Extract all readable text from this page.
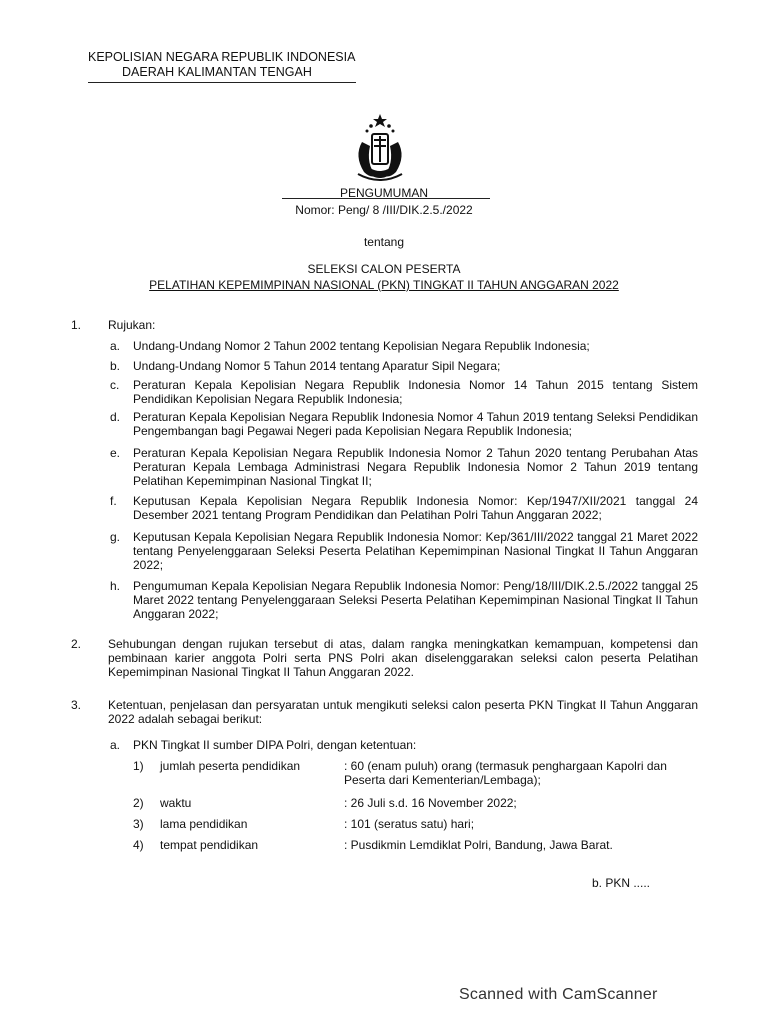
KEPOLISIAN NEGARA REPUBLIK INDONESIA
DAERAH KALIMANTAN TENGAH
PENGUMUMAN
Nomor: Peng/ 8 /III/DIK.2.5./2022
tentang
SELEKSI CALON PESERTA
PELATIHAN KEPEMIMPINAN NASIONAL (PKN) TINGKAT II TAHUN ANGGARAN 2022
1. Rujukan:
a. Undang-Undang Nomor 2 Tahun 2002 tentang Kepolisian Negara Republik Indonesia;
b. Undang-Undang Nomor 5 Tahun 2014 tentang Aparatur Sipil Negara;
c. Peraturan Kepala Kepolisian Negara Republik Indonesia Nomor 14 Tahun 2015 tentang Sistem Pendidikan Kepolisian Negara Republik Indonesia;
d. Peraturan Kepala Kepolisian Negara Republik Indonesia Nomor 4 Tahun 2019 tentang Seleksi Pendidikan Pengembangan bagi Pegawai Negeri pada Kepolisian Negara Republik Indonesia;
e. Peraturan Kepala Kepolisian Negara Republik Indonesia Nomor 2 Tahun 2020 tentang Perubahan Atas Peraturan Kepala Lembaga Administrasi Negara Republik Indonesia Nomor 2 Tahun 2019 tentang Pelatihan Kepemimpinan Nasional Tingkat II;
f. Keputusan Kepala Kepolisian Negara Republik Indonesia Nomor: Kep/1947/XII/2021 tanggal 24 Desember 2021 tentang Program Pendidikan dan Pelatihan Polri Tahun Anggaran 2022;
g. Keputusan Kepala Kepolisian Negara Republik Indonesia Nomor: Kep/361/III/2022 tanggal 21 Maret 2022 tentang Penyelenggaraan Seleksi Peserta Pelatihan Kepemimpinan Nasional Tingkat II Tahun Anggaran 2022;
h. Pengumuman Kepala Kepolisian Negara Republik Indonesia Nomor: Peng/18/III/DIK.2.5./2022 tanggal 25 Maret 2022 tentang Penyelenggaraan Seleksi Peserta Pelatihan Kepemimpinan Nasional Tingkat II Tahun Anggaran 2022;
2. Sehubungan dengan rujukan tersebut di atas, dalam rangka meningkatkan kemampuan, kompetensi dan pembinaan karier anggota Polri serta PNS Polri akan diselenggarakan seleksi calon peserta Pelatihan Kepemimpinan Nasional Tingkat II Tahun Anggaran 2022.
3. Ketentuan, penjelasan dan persyaratan untuk mengikuti seleksi calon peserta PKN Tingkat II Tahun Anggaran 2022 adalah sebagai berikut:
a. PKN Tingkat II sumber DIPA Polri, dengan ketentuan:
1) jumlah peserta pendidikan	: 60 (enam puluh) orang (termasuk penghargaan Kapolri dan Peserta dari Kementerian/Lembaga);
2) waktu	: 26 Juli s.d. 16 November 2022;
3) lama pendidikan	: 101 (seratus satu) hari;
4) tempat pendidikan	: Pusdikmin Lemdiklat Polri, Bandung, Jawa Barat.
b. PKN .....
Scanned with CamScanner
